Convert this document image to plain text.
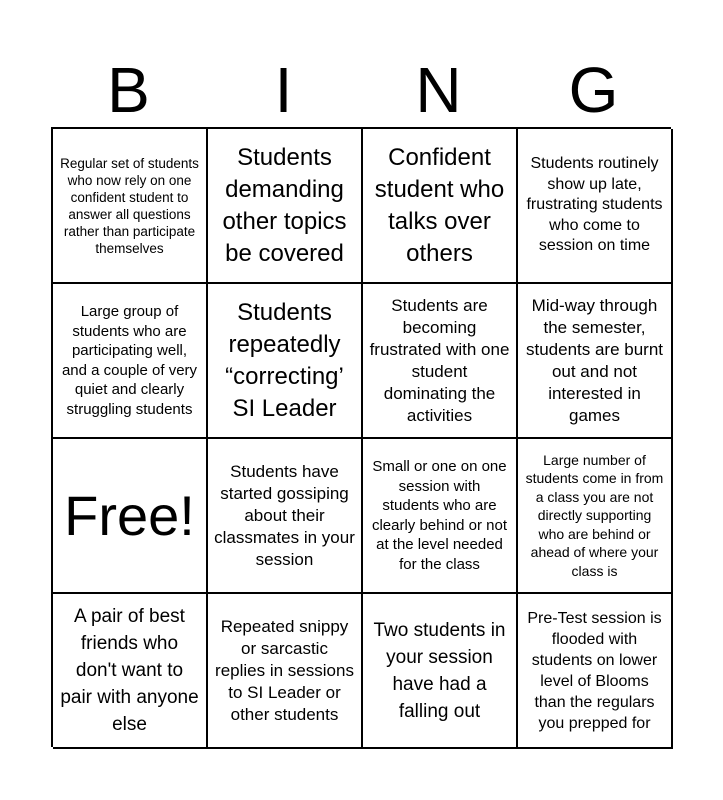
B	I	N	G
Regular set of students who now rely on one confident student to answer all questions rather than participate themselves
Students demanding other topics be covered
Confident student who talks over others
Students routinely show up late, frustrating students who come to session on time
Large group of students who are participating well, and a couple of very quiet and clearly struggling students
Students repeatedly “correcting’ SI Leader
Students are becoming frustrated with one student dominating the activities
Mid-way through the semester, students are burnt out and not interested in games
Free!
Students have started gossiping about their classmates in your session
Small or one on one session with students who are clearly behind or not at the level needed for the class
Large number of students come in from a class you are not directly supporting who are behind or ahead of where your class is
A pair of best friends who don't want to pair with anyone else
Repeated snippy or sarcastic replies in sessions to SI Leader or other students
Two students in your session have had a falling out
Pre-Test session is flooded with students on lower level of Blooms than the regulars you prepped for
